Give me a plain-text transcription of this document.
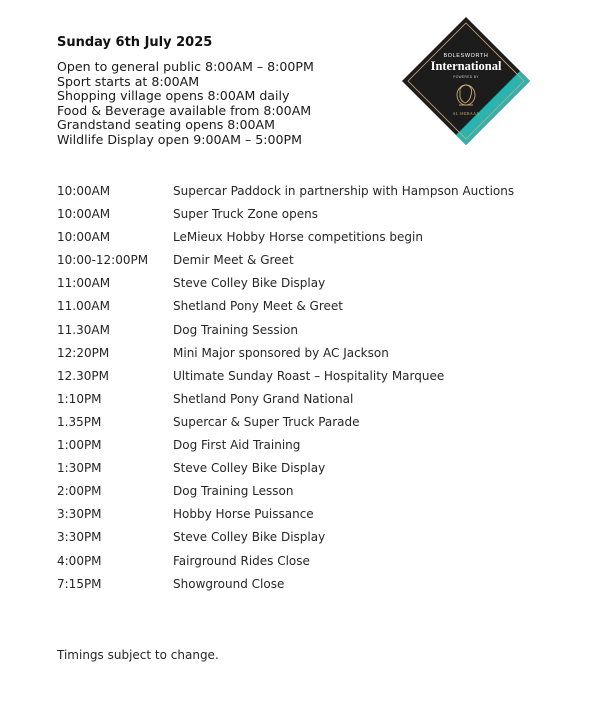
Sunday 6th July 2025
Open to general public 8:00AM – 8:00PM
Sport starts at 8:00AM
Shopping village opens 8:00AM daily
Food & Beverage available from 8:00AM
Grandstand seating opens 8:00AM
Wildlife Display open 9:00AM – 5:00PM
BOLESWORTH
International
POWERED BY
AL SHIRAAA
10:00AM	Supercar Paddock in partnership with Hampson Auctions
10:00AM	Super Truck Zone opens
10:00AM	LeMieux Hobby Horse competitions begin
10:00-12:00PM Demir Meet & Greet
11:00AM	Steve Colley Bike Display
11.00AM	Shetland Pony Meet & Greet
11.30AM	Dog Training Session
12:20PM	Mini Major sponsored by AC Jackson
12.30PM	Ultimate Sunday Roast – Hospitality Marquee
1:10PM	Shetland Pony Grand National
1.35PM	Supercar & Super Truck Parade
1:00PM	Dog First Aid Training
1:30PM	Steve Colley Bike Display
2:00PM	Dog Training Lesson
3:30PM	Hobby Horse Puissance
3:30PM	Steve Colley Bike Display
4:00PM	Fairground Rides Close
7:15PM	Showground Close
Timings subject to change.
